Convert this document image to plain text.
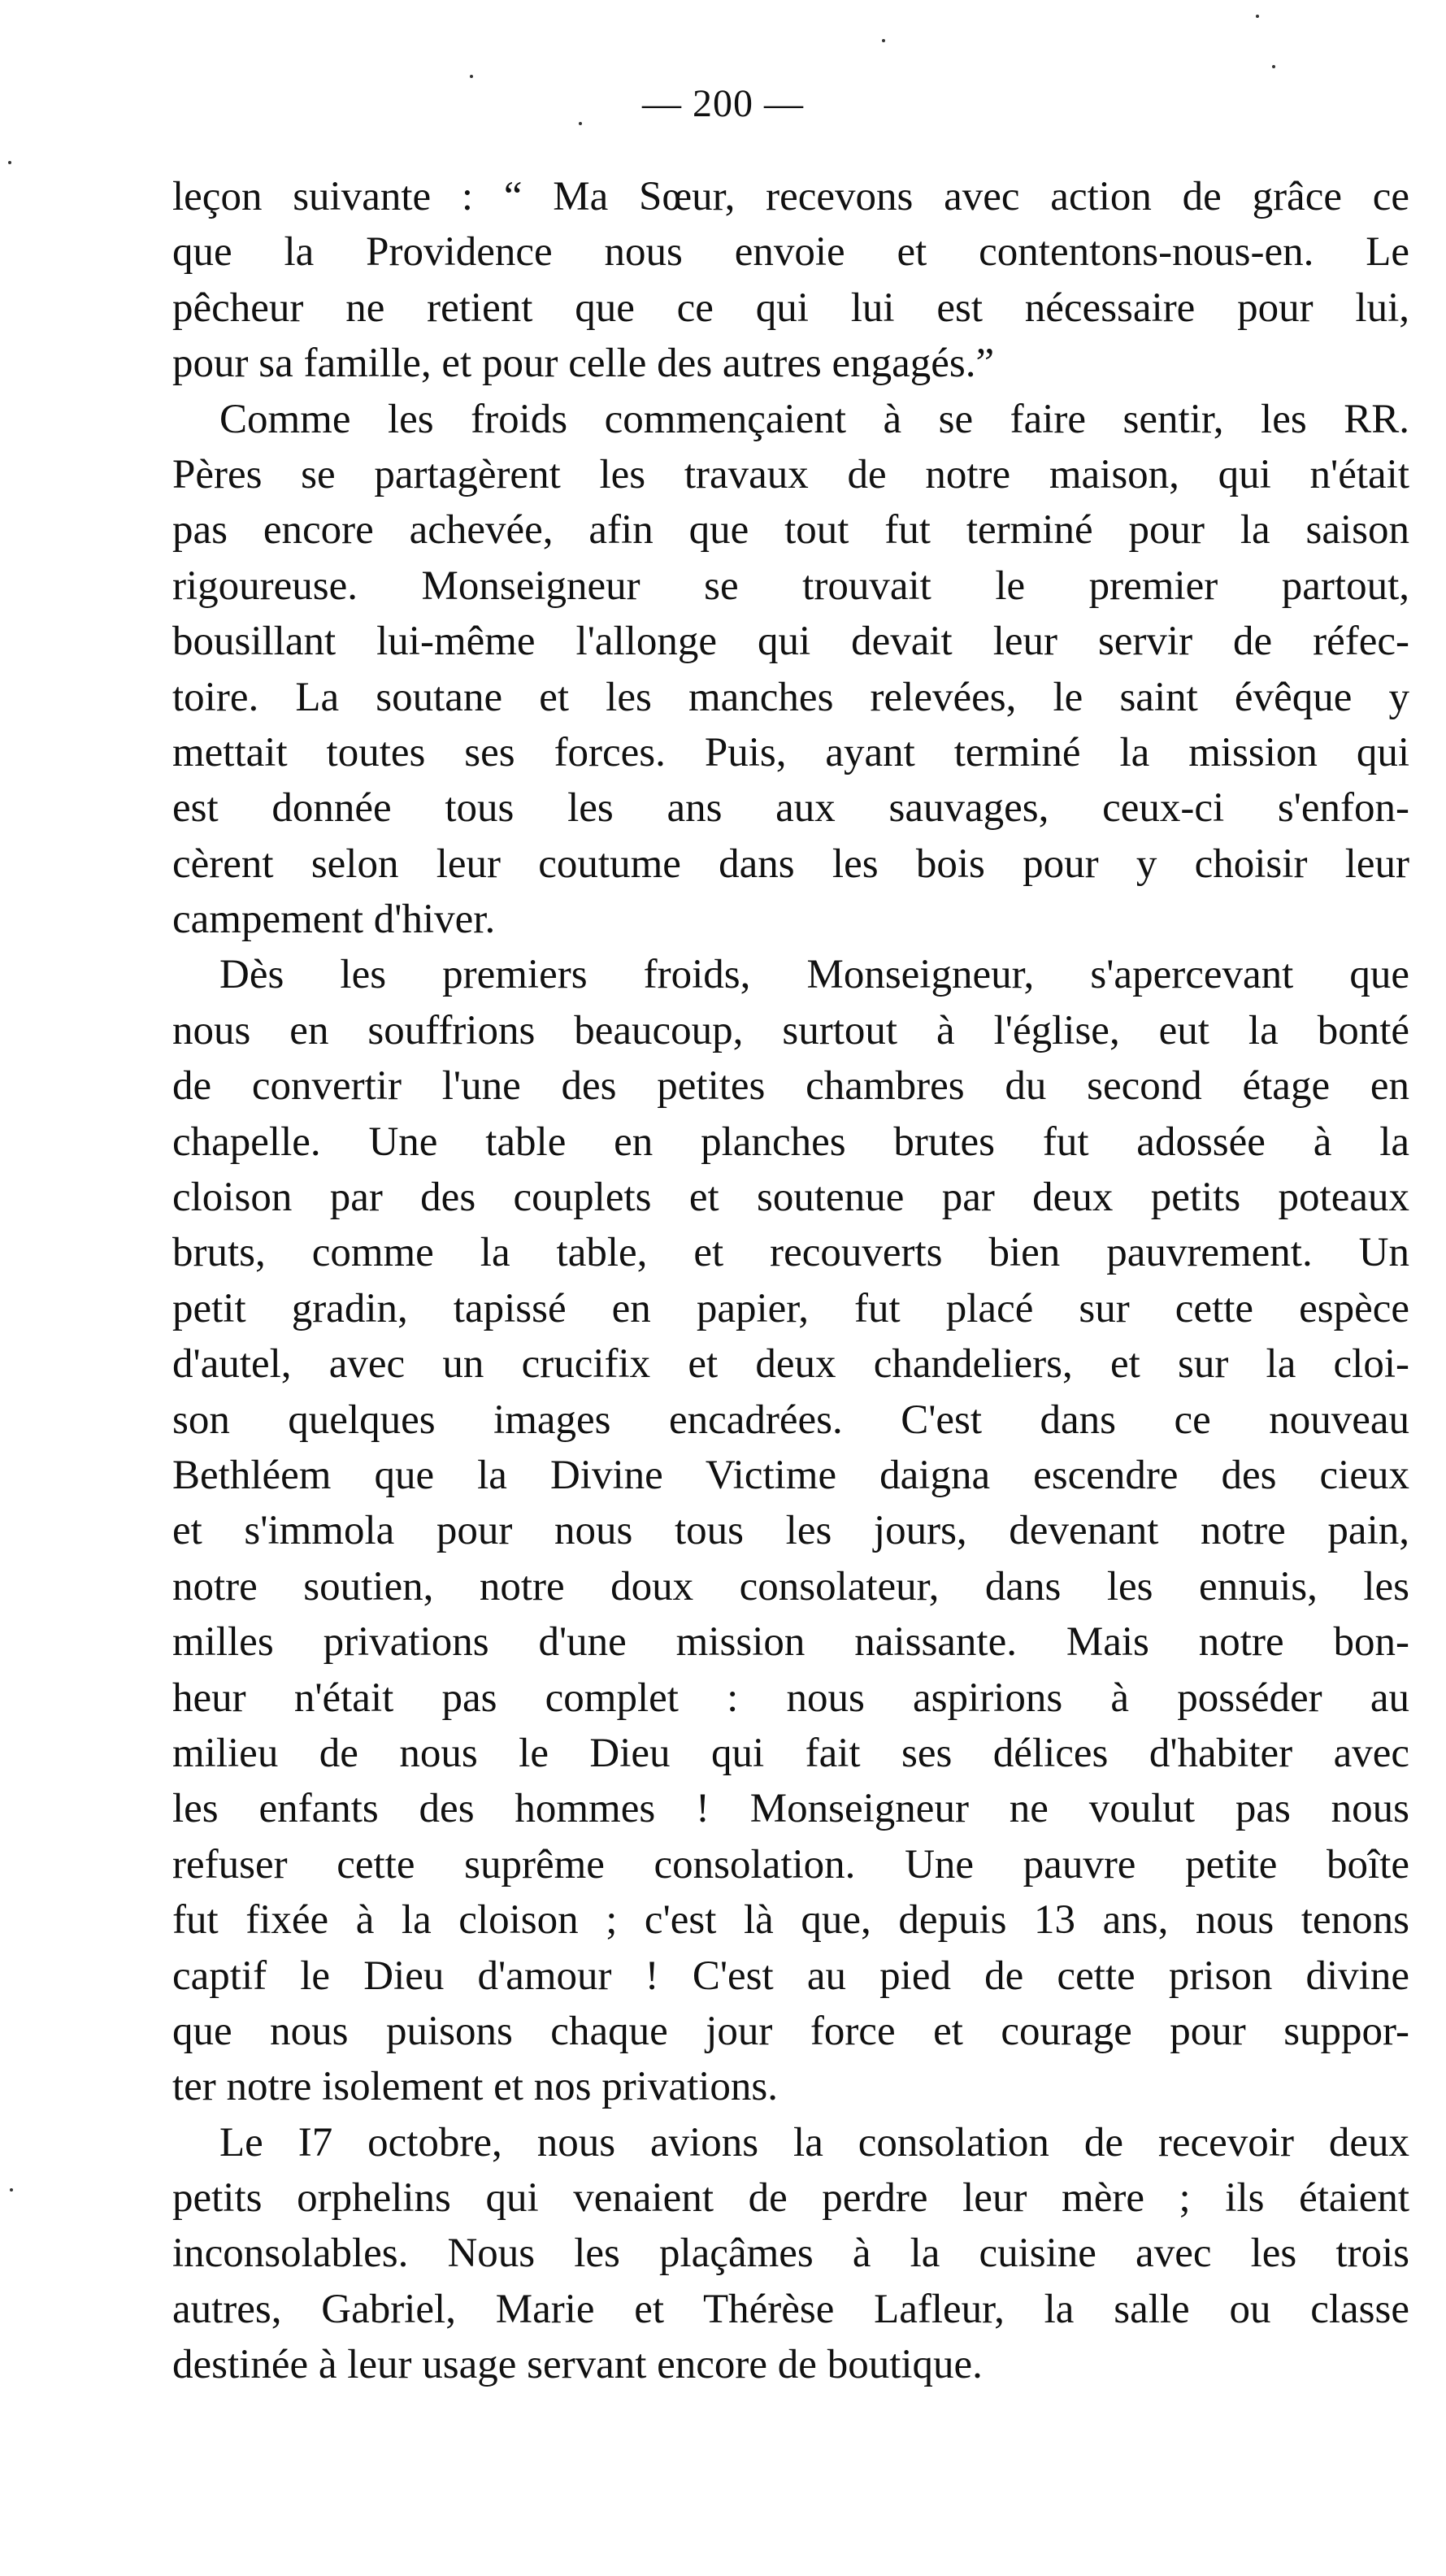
— 200 —
leçon suivante : “ Ma Sœur, recevons avec action de grâce ce
que la Providence nous envoie et contentons-nous-en. Le
pêcheur ne retient que ce qui lui est nécessaire pour lui,
pour sa famille, et pour celle des autres engagés.”
Comme les froids commençaient à se faire sentir, les RR.
Pères se partagèrent les travaux de notre maison, qui n'était
pas encore achevée, afin que tout fut terminé pour la saison
rigoureuse. Monseigneur se trouvait le premier partout,
bousillant lui-même l'allonge qui devait leur servir de réfec-
toire. La soutane et les manches relevées, le saint évêque y
mettait toutes ses forces. Puis, ayant terminé la mission qui
est donnée tous les ans aux sauvages, ceux-ci s'enfon-
cèrent selon leur coutume dans les bois pour y choisir leur
campement d'hiver.
Dès les premiers froids, Monseigneur, s'apercevant que
nous en souffrions beaucoup, surtout à l'église, eut la bonté
de convertir l'une des petites chambres du second étage en
chapelle. Une table en planches brutes fut adossée à la
cloison par des couplets et soutenue par deux petits poteaux
bruts, comme la table, et recouverts bien pauvrement. Un
petit gradin, tapissé en papier, fut placé sur cette espèce
d'autel, avec un crucifix et deux chandeliers, et sur la cloi-
son quelques images encadrées. C'est dans ce nouveau
Bethléem que la Divine Victime daigna escendre des cieux
et s'immola pour nous tous les jours, devenant notre pain,
notre soutien, notre doux consolateur, dans les ennuis, les
milles privations d'une mission naissante. Mais notre bon-
heur n'était pas complet : nous aspirions à posséder au
milieu de nous le Dieu qui fait ses délices d'habiter avec
les enfants des hommes ! Monseigneur ne voulut pas nous
refuser cette suprême consolation. Une pauvre petite boîte
fut fixée à la cloison ; c'est là que, depuis 13 ans, nous tenons
captif le Dieu d'amour ! C'est au pied de cette prison divine
que nous puisons chaque jour force et courage pour suppor-
ter notre isolement et nos privations.
Le I7 octobre, nous avions la consolation de recevoir deux
petits orphelins qui venaient de perdre leur mère ; ils étaient
inconsolables. Nous les plaçâmes à la cuisine avec les trois
autres, Gabriel, Marie et Thérèse Lafleur, la salle ou classe
destinée à leur usage servant encore de boutique.
